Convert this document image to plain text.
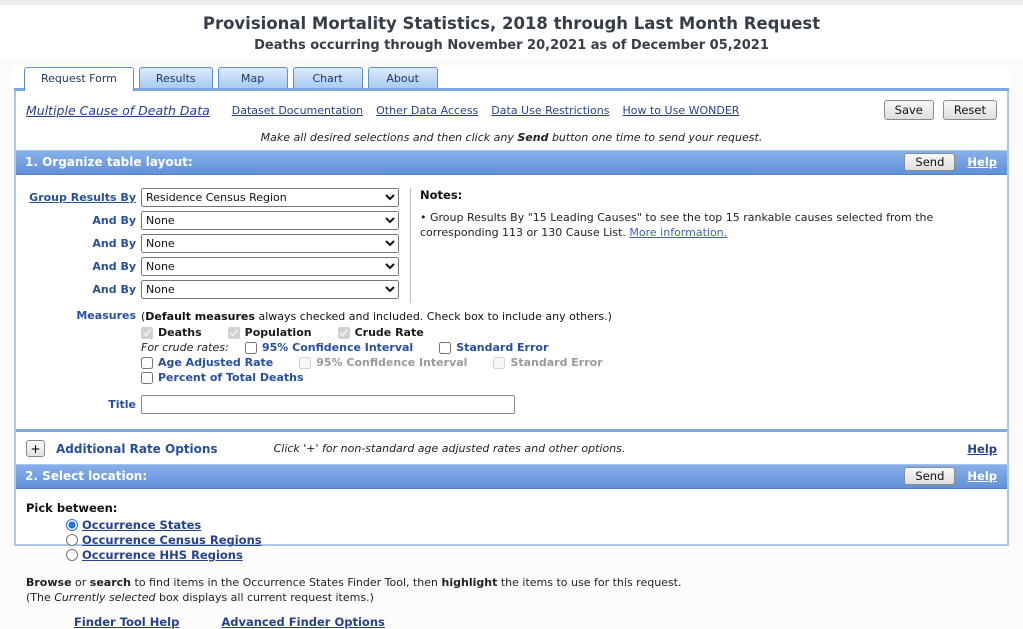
Provisional Mortality Statistics, 2018 through Last Month Request
Deaths occurring through November 20,2021 as of December 05,2021
Request Form	Results	Map	Chart	About
Multiple Cause of Death Data Dataset Documentation Other Data Access Data Use Restrictions How to Use WONDER	Save	Reset
Make all desired selections and then click any Send button one time to send your request.
1. Organize table layout:	Send	Help
Group Results By
Residence Census Region
And By
None
And By
None
And By
None
And By
None
Notes:
• Group Results By "15 Leading Causes" to see the top 15 rankable causes selected from the corresponding 113 or 130 Cause List. More information.
Measures (Default measures always checked and included. Check box to include any others.)
Deaths	Population	Crude Rate
For crude rates:	95% Confidence Interval	Standard Error
Age Adjusted Rate	95% Confidence Interval	Standard Error
Percent of Total Deaths
Title
+	Additional Rate Options	Click '+' for non-standard age adjusted rates and other options.	Help
2. Select location:	Send	Help
Pick between:
Occurrence States
Occurrence Census Regions
Occurrence HHS Regions
Browse or search to find items in the Occurrence States Finder Tool, then highlight the items to use for this request.
(The Currently selected box displays all current request items.)
Finder Tool Help	Advanced Finder Options
